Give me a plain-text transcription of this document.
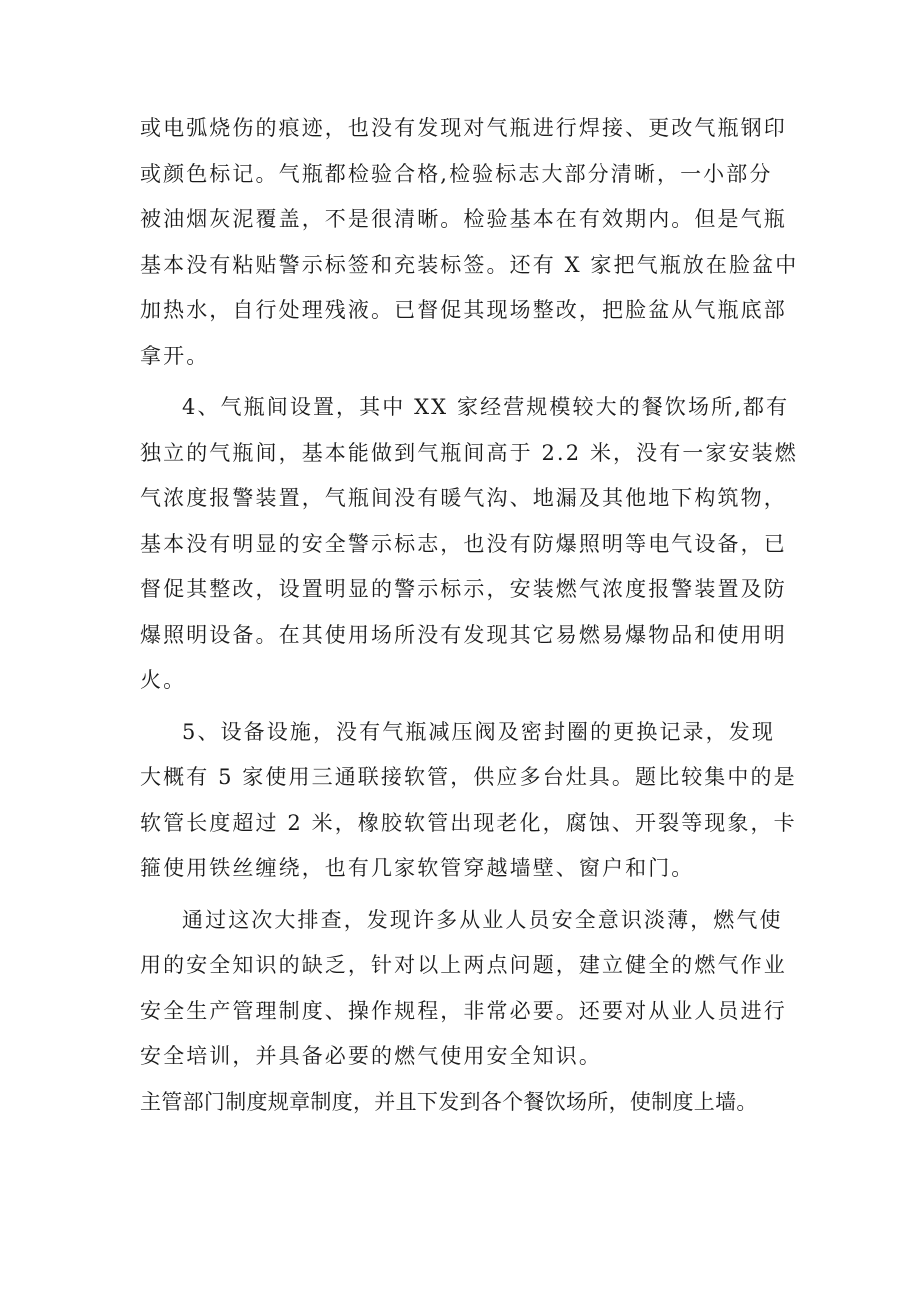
或电弧烧伤的痕迹，也没有发现对气瓶进行焊接、更改气瓶钢印
或颜色标记。气瓶都检验合格,检验标志大部分清晰，一小部分
被油烟灰泥覆盖，不是很清晰。检验基本在有效期内。但是气瓶
基本没有粘贴警示标签和充装标签。还有 X 家把气瓶放在脸盆中
加热水，自行处理残液。已督促其现场整改，把脸盆从气瓶底部
拿开。
4、气瓶间设置，其中 XX 家经营规模较大的餐饮场所,都有
独立的气瓶间，基本能做到气瓶间高于 2.2 米，没有一家安装燃
气浓度报警装置，气瓶间没有暖气沟、地漏及其他地下构筑物，
基本没有明显的安全警示标志，也没有防爆照明等电气设备，已
督促其整改，设置明显的警示标示，安装燃气浓度报警装置及防
爆照明设备。在其使用场所没有发现其它易燃易爆物品和使用明
火。
5、设备设施，没有气瓶减压阀及密封圈的更换记录，发现
大概有 5 家使用三通联接软管，供应多台灶具。题比较集中的是
软管长度超过 2 米，橡胶软管出现老化，腐蚀、开裂等现象，卡
箍使用铁丝缠绕，也有几家软管穿越墙壁、窗户和门。
通过这次大排查，发现许多从业人员安全意识淡薄，燃气使
用的安全知识的缺乏，针对以上两点问题，建立健全的燃气作业
安全生产管理制度、操作规程，非常必要。还要对从业人员进行
安全培训，并具备必要的燃气使用安全知识。
主管部门制度规章制度，并且下发到各个餐饮场所，使制度上墙。
